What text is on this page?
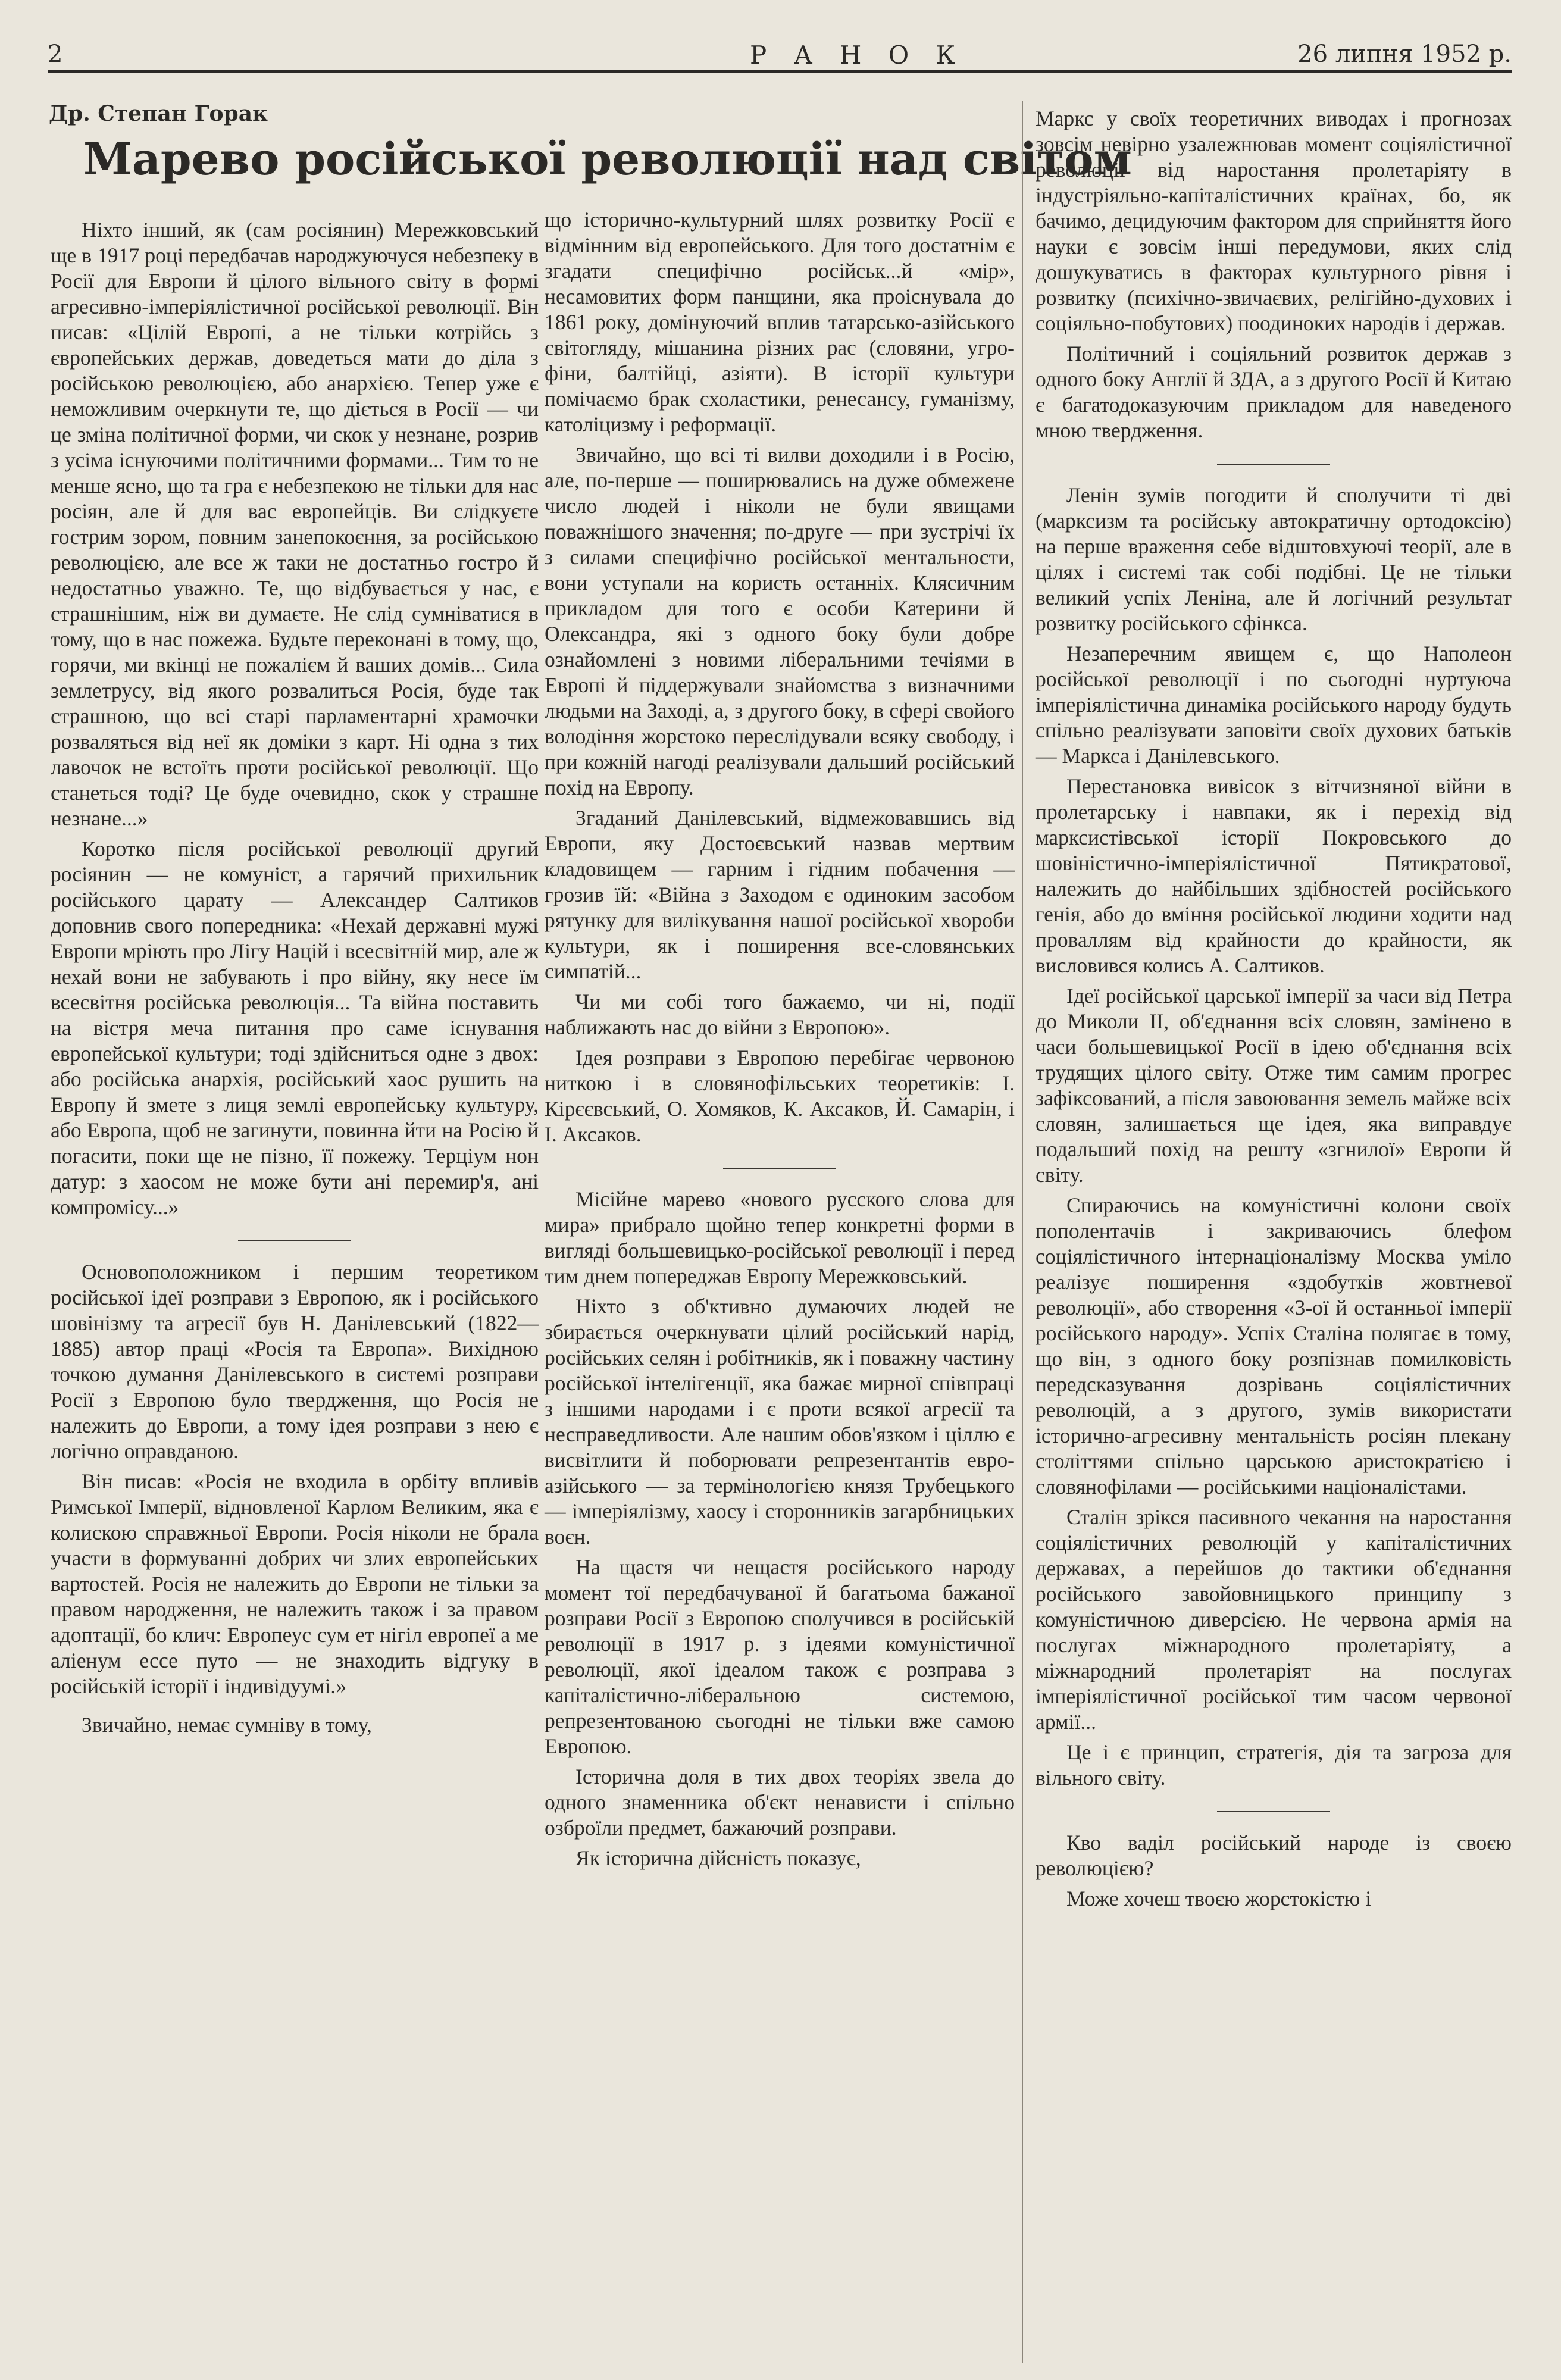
2	Р А Н О К	26 липня 1952 р.
Др. Степан Горак
Марево російської революції над світом

Ніхто інший, як (сам росіянин) Мережковський ще в 1917 році передбачав народжуючуся небезпеку в Росії для Европи й цілого вільного світу в формі агресивно-імперіялістичної російської революції. Він писав: «Цілій Европі, а не тільки котрійсь з європейських держав, доведеться мати до діла з російською революцією, або анархією. Тепер уже є неможливим очеркнути те, що діється в Росії — чи це зміна політичної форми, чи скок у незнане, розрив з усіма існуючими політичними формами... Тим то не менше ясно, що та гра є небезпекою не тільки для нас росіян, але й для вас европейців. Ви слідкуєте гострим зором, повним занепокоєння, за російською революцією, але все ж таки не достатньо гостро й недостатньо уважно. Те, що відбувається у нас, є страшнішим, ніж ви думаєте. Не слід сумніватися в тому, що в нас пожежа. Будьте переконані в тому, що, горячи, ми вкінці не пожалієм й ваших домів... Сила землетрусу, від якого розвалиться Росія, буде так страшною, що всі старі парламентарні храмочки розваляться від неї як доміки з карт. Ні одна з тих лавочок не встоїть проти російської революції. Що станеться тоді? Це буде очевидно, скок у страшне незнане...»

Коротко після російської революції другий росіянин — не комуніст, а гарячий прихильник російського царату — Александер Салтиков доповнив свого попередника: «Нехай державні мужі Европи мріють про Лігу Націй і всесвітній мир, але ж нехай вони не забувають і про війну, яку несе їм всесвітня російська революція... Та війна поставить на вістря меча питання про саме існування европейської культури; тоді здійсниться одне з двох: або російська анархія, російський хаос рушить на Европу й змете з лиця землі европейську культуру, або Европа, щоб не загинути, повинна йти на Росію й погасити, поки ще не пізно, її пожежу. Терціум нон датур: з хаосом не може бути ані перемир'я, ані компромісу...»

Основоположником і першим теоретиком російської ідеї розправи з Европою, як і російського шовінізму та агресії був Н. Данілевський (1822—1885) автор праці «Росія та Европа». Вихідною точкою думання Данілевського в системі розправи Росії з Европою було твердження, що Росія не належить до Европи, а тому ідея розправи з нею є логічно оправданою.

Він писав: «Росія не входила в орбіту впливів Римської Імперії, відновленої Карлом Великим, яка є колискою справжньої Европи. Росія ніколи не брала участи в формуванні добрих чи злих европейських вартостей. Росія не належить до Европи не тільки за правом народження, не належить також і за правом адоптації, бо клич: Европеус сум ет нігіл европеї а ме аліенум ессе путо — не знаходить відгуку в російській історії і індивідуумі.»

Звичайно, немає сумніву в тому,

що історично-культурний шлях розвитку Росії є відмінним від европейського. Для того достатнім є згадати специфічно російськ...й «мір», несамовитих форм панщини, яка проіснувала до 1861 року, домінуючий вплив татарсько-азійського світогляду, мішанина різних рас (словяни, угро-фіни, балтійці, азіяти). В історії культури помічаємо брак схоластики, ренесансу, гуманізму, католіцизму і реформації.

Звичайно, що всі ті вилви доходили і в Росію, але, по-перше — поширювались на дуже обмежене число людей і ніколи не були явищами поважнішого значення; по-друге — при зустрічі їх з силами специфічно російської ментальности, вони уступали на користь останніх. Клясичним прикладом для того є особи Катерини й Олександра, які з одного боку були добре ознайомлені з новими ліберальними течіями в Европі й піддержували знайомства з визначними людьми на Заході, а, з другого боку, в сфері свойого володіння жорстоко переслідували всяку свободу, і при кожній нагоді реалізували дальший російський похід на Европу.

Згаданий Данілевський, відмежовавшись від Европи, яку Достоєвський назвав мертвим кладовищем — гарним і гідним побачення — грозив їй: «Війна з Заходом є одиноким засобом рятунку для вилікування нашої російської хвороби культури, як і поширення все-словянських симпатій...

Чи ми собі того бажаємо, чи ні, події наближають нас до війни з Европою».

Ідея розправи з Европою перебігає червоною ниткою і в словянофільських теоретиків: І. Кірєєвський, О. Хомяков, К. Аксаков, Й. Самарін, і І. Аксаков.

Місійне марево «нового русского слова для мира» прибрало щойно тепер конкретні форми в вигляді большевицько-російської революції і перед тим днем попереджав Европу Мережковський.

Ніхто з об'ктивно думаючих людей не збирається очеркнувати цілий російський нарід, російських селян і робітників, як і поважну частину російської інтелігенції, яка бажає мирної співпраці з іншими народами і є проти всякої агресії та несправедливости. Але нашим обов'язком і ціллю є висвітлити й поборювати репрезентантів евро-азійського — за термінологією князя Трубецького — імперіялізму, хаосу і сторонників загарбницьких воєн.

На щастя чи нещастя російського народу момент тої передбачуваної й багатьома бажаної розправи Росії з Европою сполучився в російській революції в 1917 р. з ідеями комуністичної революції, якої ідеалом також є розправа з капіталістично-ліберальною системою, репрезентованою сьогодні не тільки вже самою Европою.

Історична доля в тих двох теоріях звела до одного знаменника об'єкт ненависти і спільно озброїли предмет, бажаючий розправи.

Як історична дійсність показує,

Маркс у своїх теоретичних виводах і прогнозах зовсім невірно узалежнював момент соціялістичної революції від наростання пролетаріяту в індустріяльно-капіталістичних країнах, бо, як бачимо, децидуючим фактором для сприйняття його науки є зовсім інші передумови, яких слід дошукуватись в факторах культурного рівня і розвитку (психічно-звичаєвих, релігійно-духових і соціяльно-побутових) поодиноких народів і держав.

Політичний і соціяльний розвиток держав з одного боку Англії й ЗДА, а з другого Росії й Китаю є багатодоказуючим прикладом для наведеного мною твердження.

Ленін зумів погодити й сполучити ті дві (марксизм та російську автократичну ортодоксію) на перше враження себе відштовхуючі теорії, але в цілях і системі так собі подібні. Це не тільки великий успіх Леніна, але й логічний результат розвитку російського сфінкса.

Незаперечним явищем є, що Наполеон російської революції і по сьогодні нуртуюча імперіялістична динаміка російського народу будуть спільно реалізувати заповіти своїх духових батьків — Маркса і Данілевського.

Перестановка вивісок з вітчизняної війни в пролетарську і навпаки, як і перехід від марксистівської історії Покровського до шовіністично-імперіялістичної Пятикратової, належить до найбільших здібностей російського генія, або до вміння російської людини ходити над проваллям від крайности до крайности, як висловився колись А. Салтиков.

Ідеї російської царської імперії за часи від Петра до Миколи II, об'єднання всіх словян, замінено в часи большевицької Росії в ідею об'єднання всіх трудящих цілого світу. Отже тим самим прогрес зафіксований, а після завоювання земель майже всіх словян, залишається ще ідея, яка виправдує подальший похід на решту «згнилої» Европи й світу.

Спираючись на комуністичні колони своїх пополентачів і закриваючись блефом соціялістичного інтернаціоналізму Москва уміло реалізує поширення «здобутків жовтневої революції», або створення «3-ої й останньої імперії російського народу». Успіх Сталіна полягає в тому, що він, з одного боку розпізнав помилковість передсказування дозрівань соціялістичних революцій, а з другого, зумів використати історично-агресивну ментальність росіян плекану століттями спільно царською аристократією і словянофілами — російськими націоналістами.

Сталін зрікся пасивного чекання на наростання соціялістичних революцій у капіталістичних державах, а перейшов до тактики об'єднання російського завойовницького принципу з комуністичною диверсією. Не червона армія на послугах міжнародного пролетаріяту, а міжнародний пролетаріят на послугах імперіялістичної російської тим часом червоної армії...

Це і є принцип, стратегія, дія та загроза для вільного світу.

Кво ваділ російський народе із своєю революцією?

Може хочеш твоєю жорстокістю і
